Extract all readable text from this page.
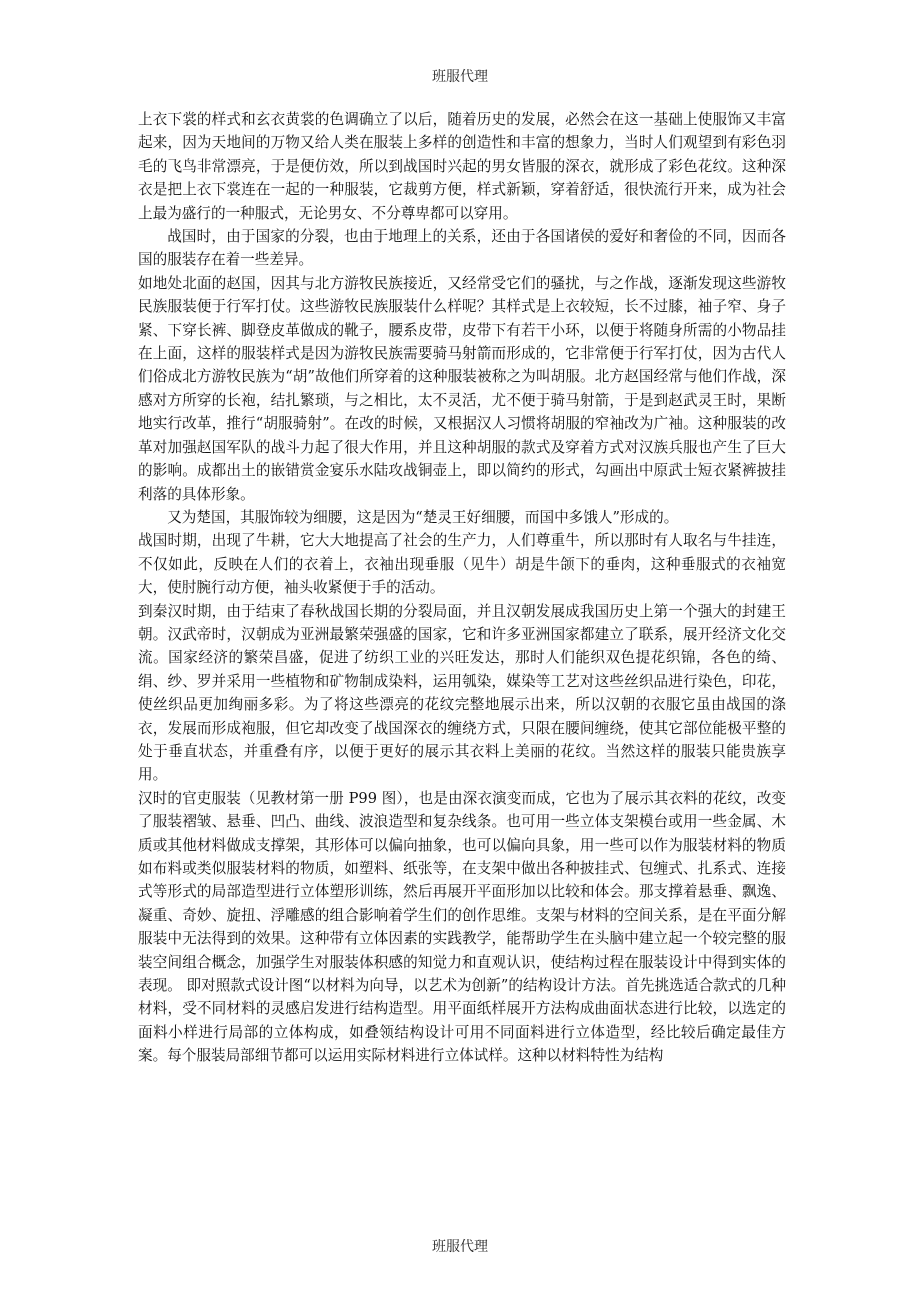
班服代理

上衣下裳的样式和玄衣黄裳的色调确立了以后，随着历史的发展，必然会在这一基础上使服饰又丰富起来，因为天地间的万物又给人类在服装上多样的创造性和丰富的想象力，当时人们观望到有彩色羽毛的飞鸟非常漂亮，于是便仿效，所以到战国时兴起的男女皆服的深衣，就形成了彩色花纹。这种深衣是把上衣下裳连在一起的一种服装，它裁剪方便，样式新颖，穿着舒适，很快流行开来，成为社会上最为盛行的一种服式，无论男女、不分尊卑都可以穿用。

战国时，由于国家的分裂，也由于地理上的关系，还由于各国诸侯的爱好和奢俭的不同，因而各国的服装存在着一些差异。

如地处北面的赵国，因其与北方游牧民族接近，又经常受它们的骚扰，与之作战，逐渐发现这些游牧民族服装便于行军打仗。这些游牧民族服装什么样呢？其样式是上衣较短，长不过膝，袖子窄、身子紧、下穿长裤、脚登皮革做成的靴子，腰系皮带，皮带下有若干小环，以便于将随身所需的小物品挂在上面，这样的服装样式是因为游牧民族需要骑马射箭而形成的，它非常便于行军打仗，因为古代人们俗成北方游牧民族为“胡”故他们所穿着的这种服装被称之为叫胡服。北方赵国经常与他们作战，深感对方所穿的长袍，结扎繁琐，与之相比，太不灵活，尤不便于骑马射箭，于是到赵武灵王时，果断地实行改革，推行“胡服骑射”。在改的时候，又根据汉人习惯将胡服的窄袖改为广袖。这种服装的改革对加强赵国军队的战斗力起了很大作用，并且这种胡服的款式及穿着方式对汉族兵服也产生了巨大的影响。成都出土的嵌错赏金宴乐水陆攻战铜壶上，即以简约的形式，勾画出中原武士短衣紧裤披挂利落的具体形象。

又为楚国，其服饰较为细腰，这是因为“楚灵王好细腰，而国中多饿人”形成的。

战国时期，出现了牛耕，它大大地提高了社会的生产力，人们尊重牛，所以那时有人取名与牛挂连，不仅如此，反映在人们的衣着上，衣袖出现垂服（见牛）胡是牛颌下的垂肉，这种垂服式的衣袖宽大，使肘腕行动方便，袖头收紧便于手的活动。

到秦汉时期，由于结束了春秋战国长期的分裂局面，并且汉朝发展成我国历史上第一个强大的封建王朝。汉武帝时，汉朝成为亚洲最繁荣强盛的国家，它和许多亚洲国家都建立了联系，展开经济文化交流。国家经济的繁荣昌盛，促进了纺织工业的兴旺发达，那时人们能织双色提花织锦，各色的绮、绢、纱、罗并采用一些植物和矿物制成染料，运用瓠染，媒染等工艺对这些丝织品进行染色，印花，使丝织品更加绚丽多彩。为了将这些漂亮的花纹完整地展示出来，所以汉朝的衣服它虽由战国的涤衣，发展而形成袍服，但它却改变了战国深衣的缠绕方式，只限在腰间缠绕，使其它部位能极平整的处于垂直状态，并重叠有序，以便于更好的展示其衣料上美丽的花纹。当然这样的服装只能贵族享用。

汉时的官吏服装（见教材第一册 P99 图），也是由深衣演变而成，它也为了展示其衣料的花纹，改变了服装褶皱、悬垂、凹凸、曲线、波浪造型和复杂线条。也可用一些立体支架模台或用一些金属、木质或其他材料做成支撑架，其形体可以偏向抽象，也可以偏向具象，用一些可以作为服装材料的物质如布料或类似服装材料的物质，如塑料、纸张等，在支架中做出各种披挂式、包缠式、扎系式、连接式等形式的局部造型进行立体塑形训练，然后再展开平面形加以比较和体会。那支撑着悬垂、飘逸、凝重、奇妙、旋扭、浮雕感的组合影响着学生们的创作思维。支架与材料的空间关系，是在平面分解服装中无法得到的效果。这种带有立体因素的实践教学，能帮助学生在头脑中建立起一个较完整的服装空间组合概念，加强学生对服装体积感的知觉力和直观认识，使结构过程在服装设计中得到实体的表现。 即对照款式设计图“以材料为向导，以艺术为创新”的结构设计方法。首先挑选适合款式的几种材料，受不同材料的灵感启发进行结构造型。用平面纸样展开方法构成曲面状态进行比较，以选定的面料小样进行局部的立体构成，如叠领结构设计可用不同面料进行立体造型，经比较后确定最佳方案。每个服装局部细节都可以运用实际材料进行立体试样。这种以材料特性为结构

班服代理
